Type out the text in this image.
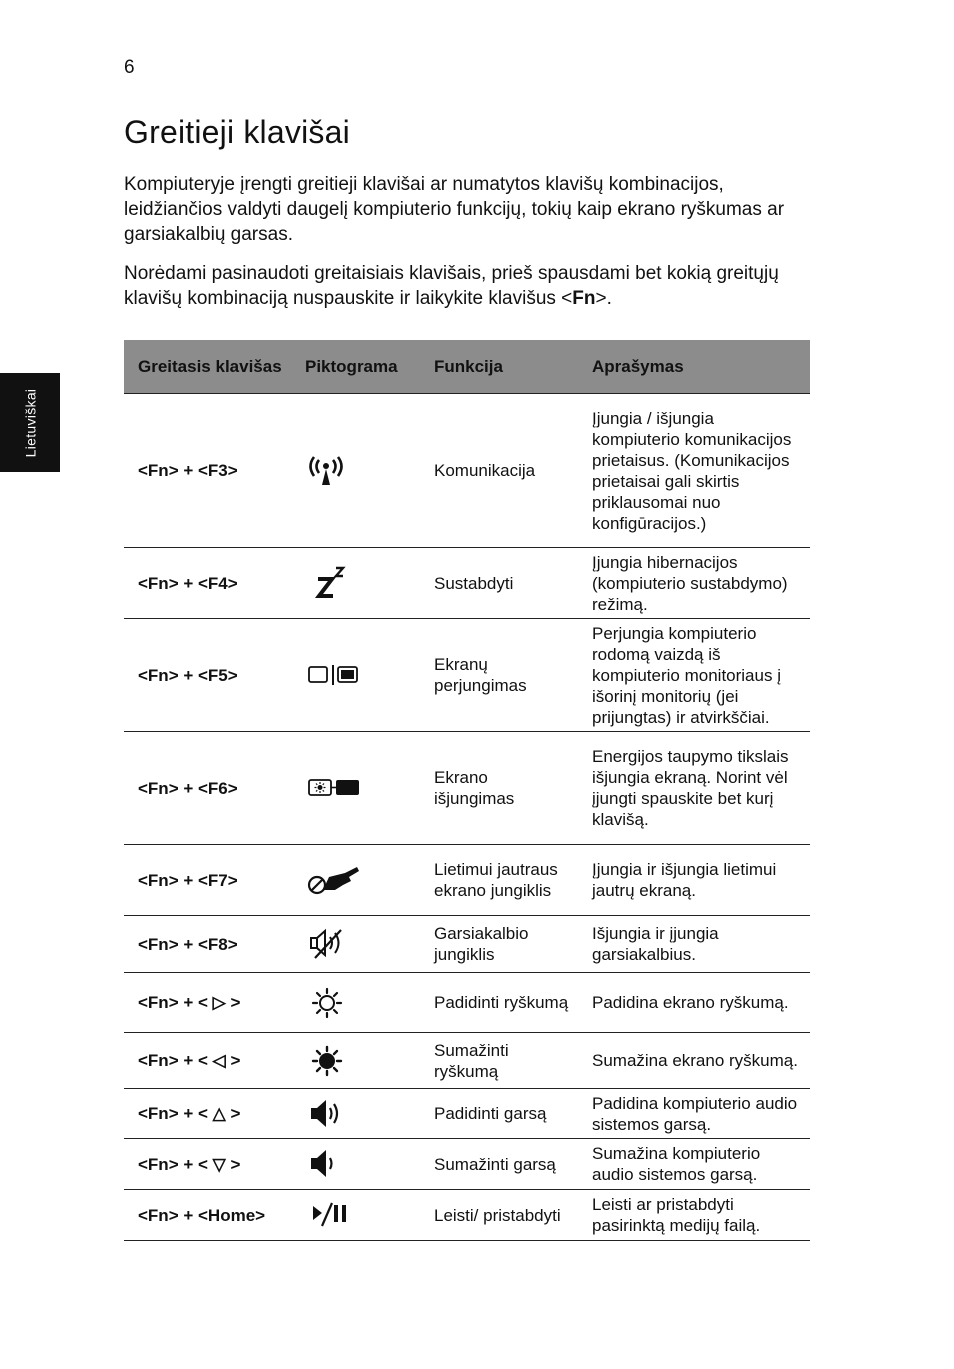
6
Greitieji klavišai

Kompiuteryje įrengti greitieji klavišai ar numatytos klavišų kombinacijos, leidžiančios valdyti daugelį kompiuterio funkcijų, tokių kaip ekrano ryškumas ar garsiakalbių garsas.

Norėdami pasinaudoti greitaisiais klavišais, prieš spausdami bet kokią greitųjų klavišų kombinaciją nuspauskite ir laikykite klavišus <Fn>.

Lietuviškai
Greitasis klavišas	Piktograma	Funkcija	Aprašymas
<Fn> + <F3>		Komunikacija	Įjungia / išjungia kompiuterio komunikacijos prietaisus. (Komunikacijos prietaisai gali skirtis priklausomai nuo konfigūracijos.)
<Fn> + <F4>		Sustabdyti	Įjungia hibernacijos (kompiuterio sustabdymo) režimą.
<Fn> + <F5>		Ekranų perjungimas	Perjungia kompiuterio rodomą vaizdą iš kompiuterio monitoriaus į išorinį monitorių (jei prijungtas) ir atvirkščiai.
<Fn> + <F6>		Ekrano išjungimas	Energijos taupymo tikslais išjungia ekraną. Norint vėl įjungti spauskite bet kurį klavišą.
<Fn> + <F7>		Lietimui jautraus ekrano jungiklis	Įjungia ir išjungia lietimui jautrų ekraną.
<Fn> + <F8>		Garsiakalbio jungiklis	Išjungia ir įjungia garsiakalbius.
<Fn> + < ▷ >		Padidinti ryškumą	Padidina ekrano ryškumą.
<Fn> + < ◁ >		Sumažinti ryškumą	Sumažina ekrano ryškumą.
<Fn> + < △ >		Padidinti garsą	Padidina kompiuterio audio sistemos garsą.
<Fn> + < ▽ >		Sumažinti garsą	Sumažina kompiuterio audio sistemos garsą.
<Fn> + <Home>		Leisti/ pristabdyti	Leisti ar pristabdyti pasirinktą medijų failą.
